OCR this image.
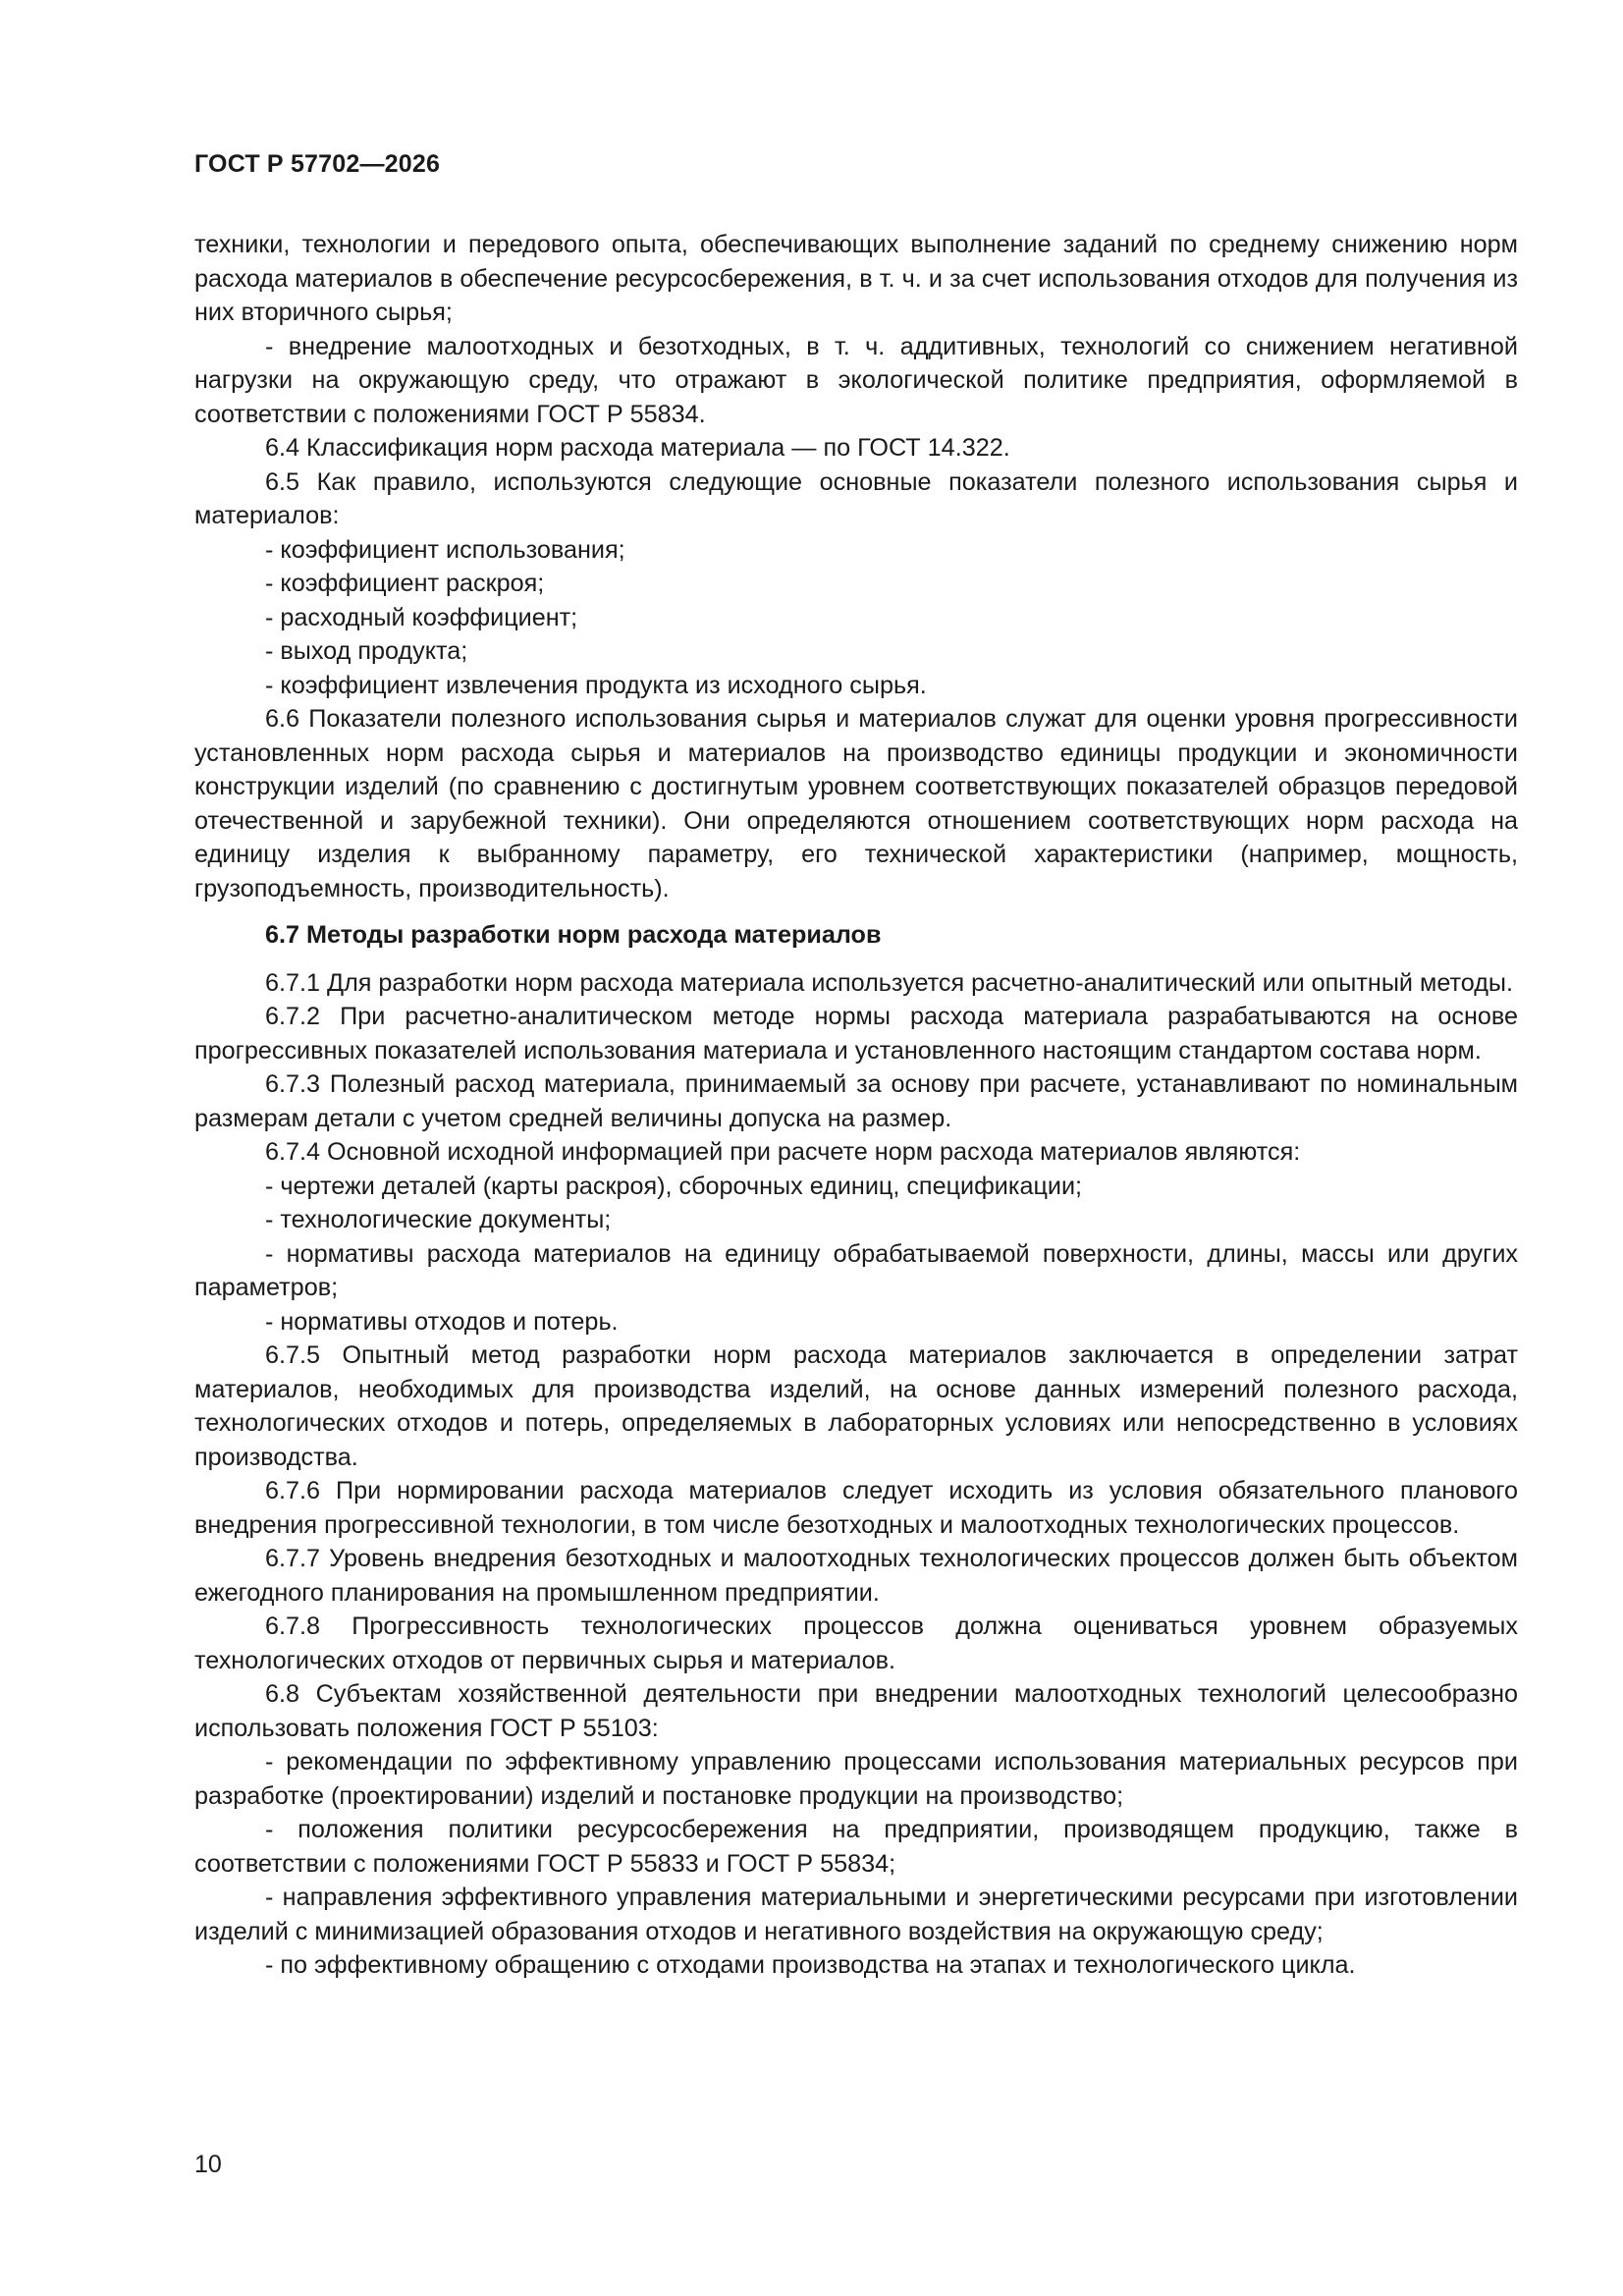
ГОСТ Р 57702—2026

техники, технологии и передового опыта, обеспечивающих выполнение заданий по среднему снижению норм расхода материалов в обеспечение ресурсосбережения, в т. ч. и за счет использования отходов для получения из них вторичного сырья;

- внедрение малоотходных и безотходных, в т. ч. аддитивных, технологий со снижением негативной нагрузки на окружающую среду, что отражают в экологической политике предприятия, оформляемой в соответствии с положениями ГОСТ Р 55834.

6.4 Классификация норм расхода материала — по ГОСТ 14.322.

6.5 Как правило, используются следующие основные показатели полезного использования сырья и материалов:

- коэффициент использования;

- коэффициент раскроя;

- расходный коэффициент;

- выход продукта;

- коэффициент извлечения продукта из исходного сырья.

6.6 Показатели полезного использования сырья и материалов служат для оценки уровня прогрессивности установленных норм расхода сырья и материалов на производство единицы продукции и экономичности конструкции изделий (по сравнению с достигнутым уровнем соответствующих показателей образцов передовой отечественной и зарубежной техники). Они определяются отношением соответствующих норм расхода на единицу изделия к выбранному параметру, его технической характеристики (например, мощность, грузоподъемность, производительность).

6.7 Методы разработки норм расхода материалов

6.7.1 Для разработки норм расхода материала используется расчетно-аналитический или опытный методы.

6.7.2 При расчетно-аналитическом методе нормы расхода материала разрабатываются на основе прогрессивных показателей использования материала и установленного настоящим стандартом состава норм.

6.7.3 Полезный расход материала, принимаемый за основу при расчете, устанавливают по номинальным размерам детали с учетом средней величины допуска на размер.

6.7.4 Основной исходной информацией при расчете норм расхода материалов являются:

- чертежи деталей (карты раскроя), сборочных единиц, спецификации;

- технологические документы;

- нормативы расхода материалов на единицу обрабатываемой поверхности, длины, массы или других параметров;

- нормативы отходов и потерь.

6.7.5 Опытный метод разработки норм расхода материалов заключается в определении затрат материалов, необходимых для производства изделий, на основе данных измерений полезного расхода, технологических отходов и потерь, определяемых в лабораторных условиях или непосредственно в условиях производства.

6.7.6 При нормировании расхода материалов следует исходить из условия обязательного планового внедрения прогрессивной технологии, в том числе безотходных и малоотходных технологических процессов.

6.7.7 Уровень внедрения безотходных и малоотходных технологических процессов должен быть объектом ежегодного планирования на промышленном предприятии.

6.7.8 Прогрессивность технологических процессов должна оцениваться уровнем образуемых технологических отходов от первичных сырья и материалов.

6.8 Субъектам хозяйственной деятельности при внедрении малоотходных технологий целесообразно использовать положения ГОСТ Р 55103:

- рекомендации по эффективному управлению процессами использования материальных ресурсов при разработке (проектировании) изделий и постановке продукции на производство;

- положения политики ресурсосбережения на предприятии, производящем продукцию, также в соответствии с положениями ГОСТ Р 55833 и ГОСТ Р 55834;

- направления эффективного управления материальными и энергетическими ресурсами при изготовлении изделий с минимизацией образования отходов и негативного воздействия на окружающую среду;

- по эффективному обращению с отходами производства на этапах и технологического цикла.

10
